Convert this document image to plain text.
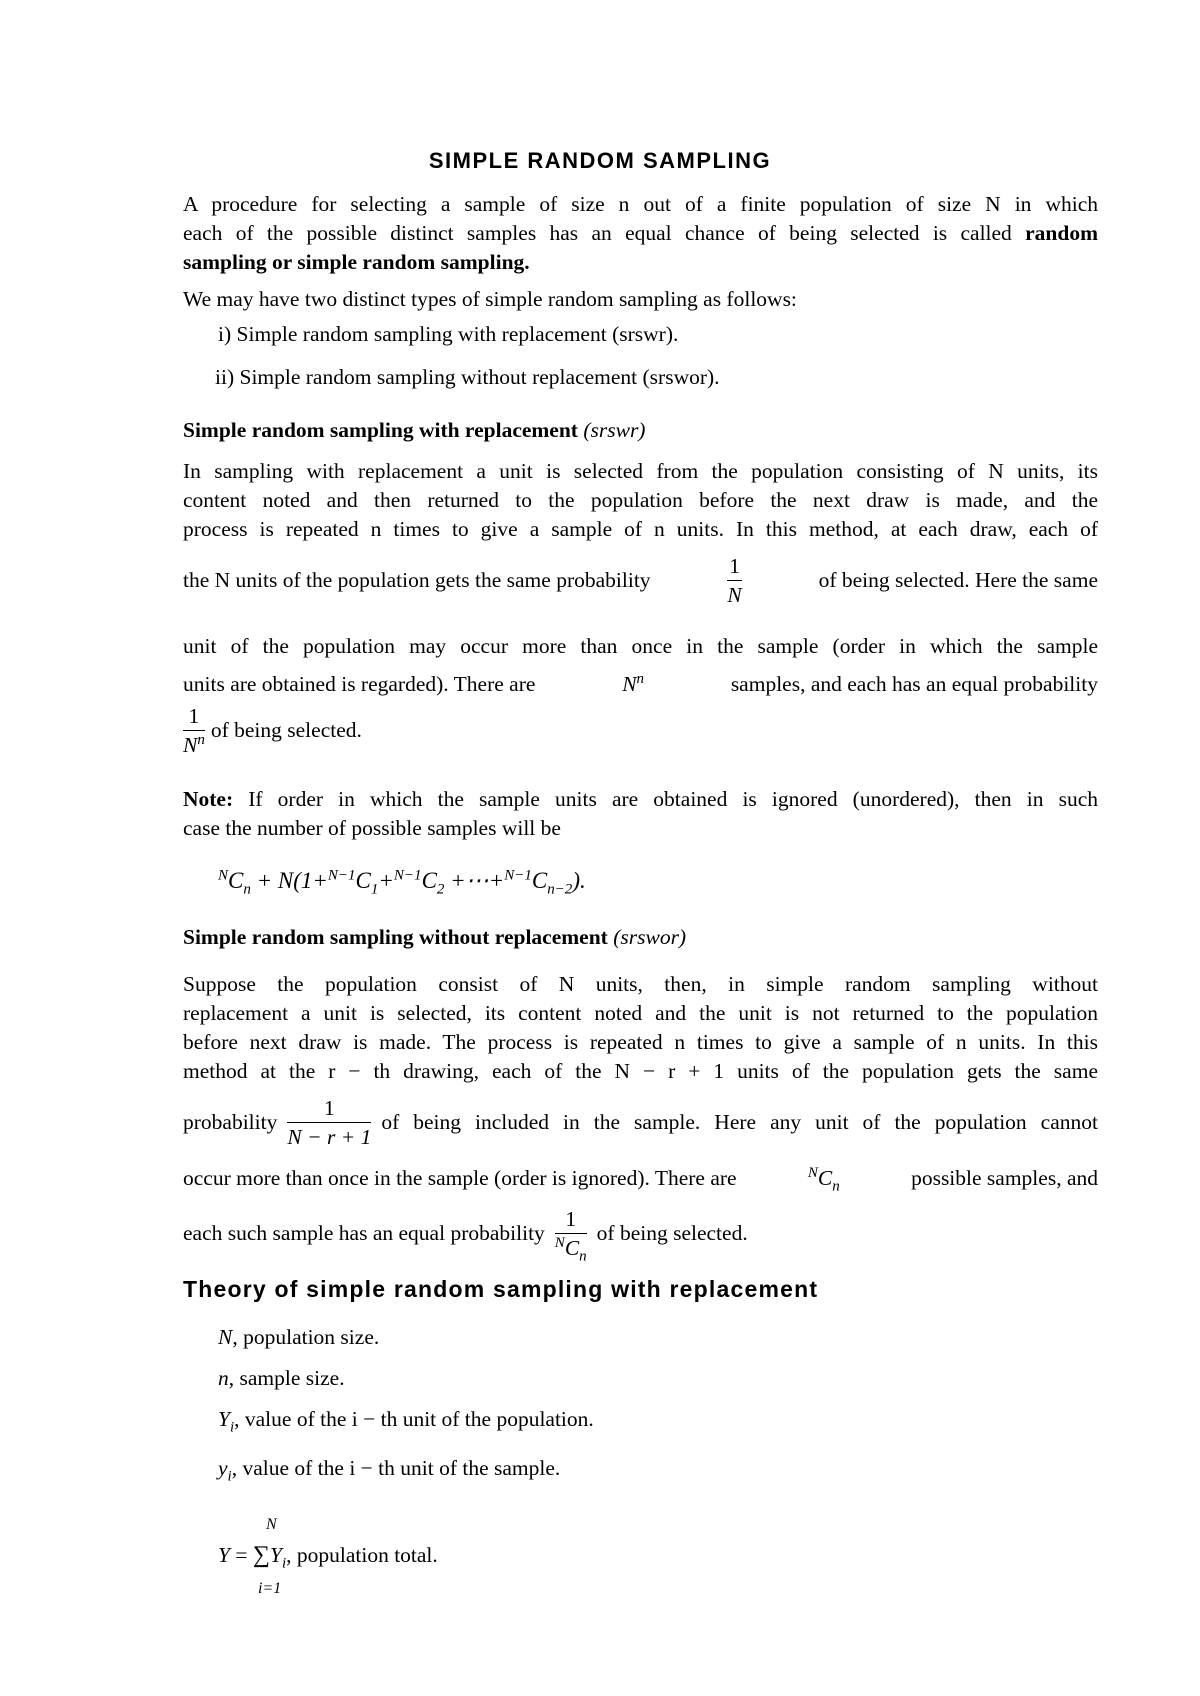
SIMPLE RANDOM SAMPLING
A procedure for selecting a sample of size n out of a finite population of size N in which
each of the possible distinct samples has an equal chance of being selected is called random
sampling or simple random sampling.
We may have two distinct types of simple random sampling as follows:
i) Simple random sampling with replacement (srswr).
ii) Simple random sampling without replacement (srswor).
Simple random sampling with replacement (srswr)
In sampling with replacement a unit is selected from the population consisting of N units, its
content noted and then returned to the population before the next draw is made, and the
process is repeated n times to give a sample of n units. In this method, at each draw, each of
the N units of the population gets the same probability	$\frac{1}{N}$	of being selected. Here the same
unit of the population may occur more than once in the sample (order in which the sample
units are obtained is regarded). There are	$N^n$	samples, and each has an equal probability
$\frac{1}{N^n}$ of being selected.
Note: If order in which the sample units are obtained is ignored (unordered), then in such
case the number of possible samples will be
$^NC_n + N(1+^{N-1}C_1+^{N-1}C_2$ $+\cdots+^{N-1}C_{n-2}$).
Simple random sampling without replacement (srswor)
Suppose the population consist of N units, then, in simple random sampling without
replacement a unit is selected, its content noted and the unit is not returned to the population
before next draw is made. The process is repeated n times to give a sample of n units. In this
method at the r − th drawing, each of the N − r + 1 units of the population gets the same
probability $\frac{1}{N - r + 1}$ of being included in the sample. Here any unit of the population cannot
occur more than once in the sample (order is ignored). There are	$^NC_n$	possible samples, and
each such sample has an equal probability $\frac{1}{^NC_n}$ of being selected.
Theory of simple random sampling with replacement
N, population size.
n, sample size.
$Y_i$, value of the i − th unit of the population.
$y_i$, value of the i − th unit of the sample.
N
$Y = \sum Y_i$, population total.
i=1
